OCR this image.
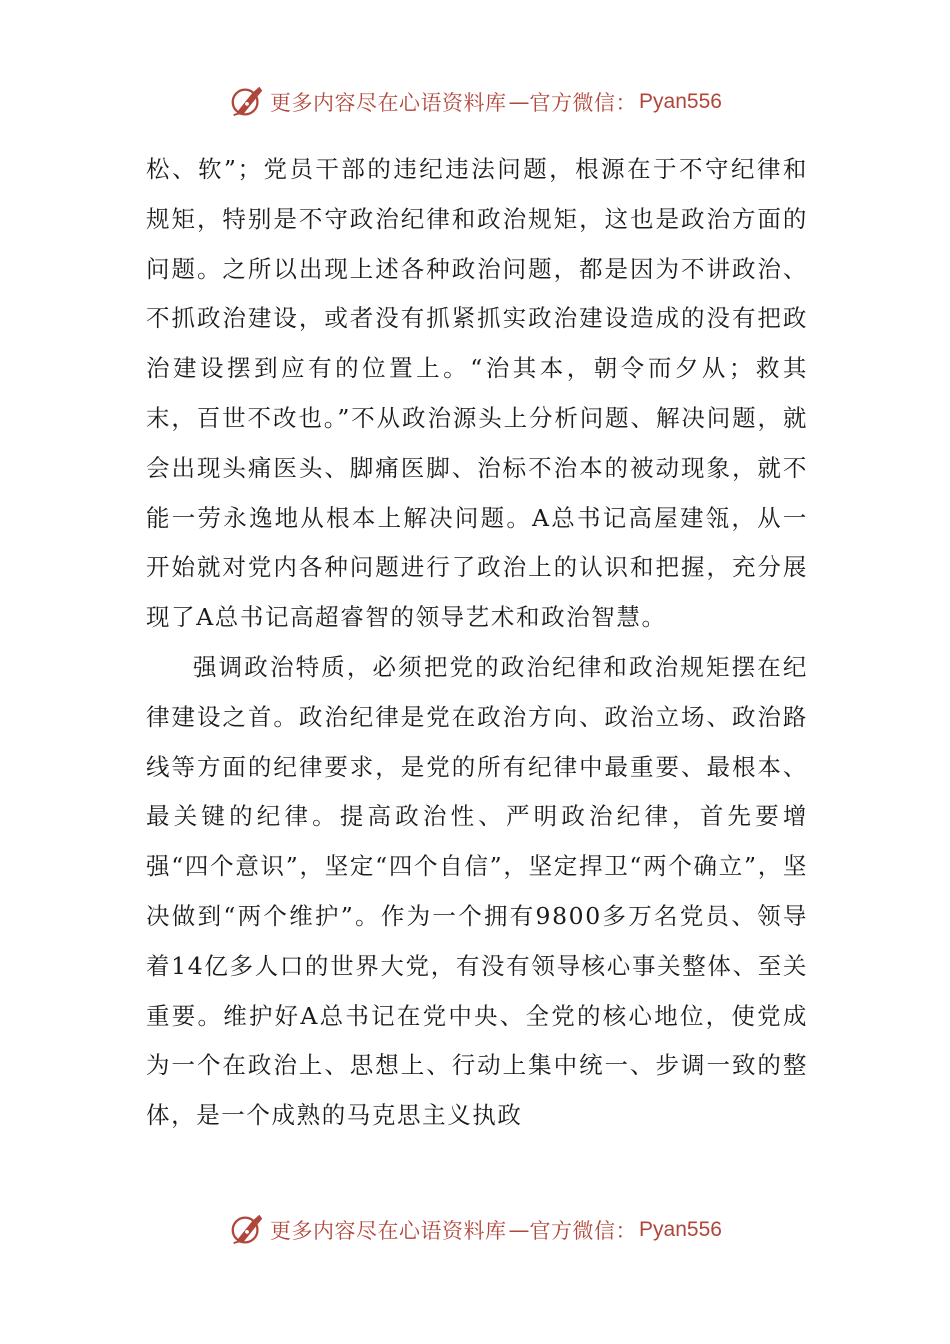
更多内容尽在心语资料库 — 官方微信： Pyan556

松、软”；党员干部的违纪违法问题，根源在于不守纪律和规矩，特别是不守政治纪律和政治规矩，这也是政治方面的问题。之所以出现上述各种政治问题，都是因为不讲政治、不抓政治建设，或者没有抓紧抓实政治建设造成的没有把政治建设摆到应有的位置上。“治其本，朝令而夕从；救其末，百世不改也。”不从政治源头上分析问题、解决问题，就会出现头痛医头、脚痛医脚、治标不治本的被动现象，就不能一劳永逸地从根本上解决问题。A总书记高屋建瓴，从一开始就对党内各种问题进行了政治上的认识和把握，充分展现了A总书记高超睿智的领导艺术和政治智慧。

强调政治特质，必须把党的政治纪律和政治规矩摆在纪律建设之首。政治纪律是党在政治方向、政治立场、政治路线等方面的纪律要求，是党的所有纪律中最重要、最根本、最关键的纪律。提高政治性、严明政治纪律，首先要增强“四个意识”，坚定“四个自信”，坚定捍卫“两个确立”，坚决做到“两个维护”。作为一个拥有9800多万名党员、领导着14亿多人口的世界大党，有没有领导核心事关整体、至关重要。维护好A总书记在党中央、全党的核心地位，使党成为一个在政治上、思想上、行动上集中统一、步调一致的整体，是一个成熟的马克思主义执政

更多内容尽在心语资料库 — 官方微信： Pyan556
